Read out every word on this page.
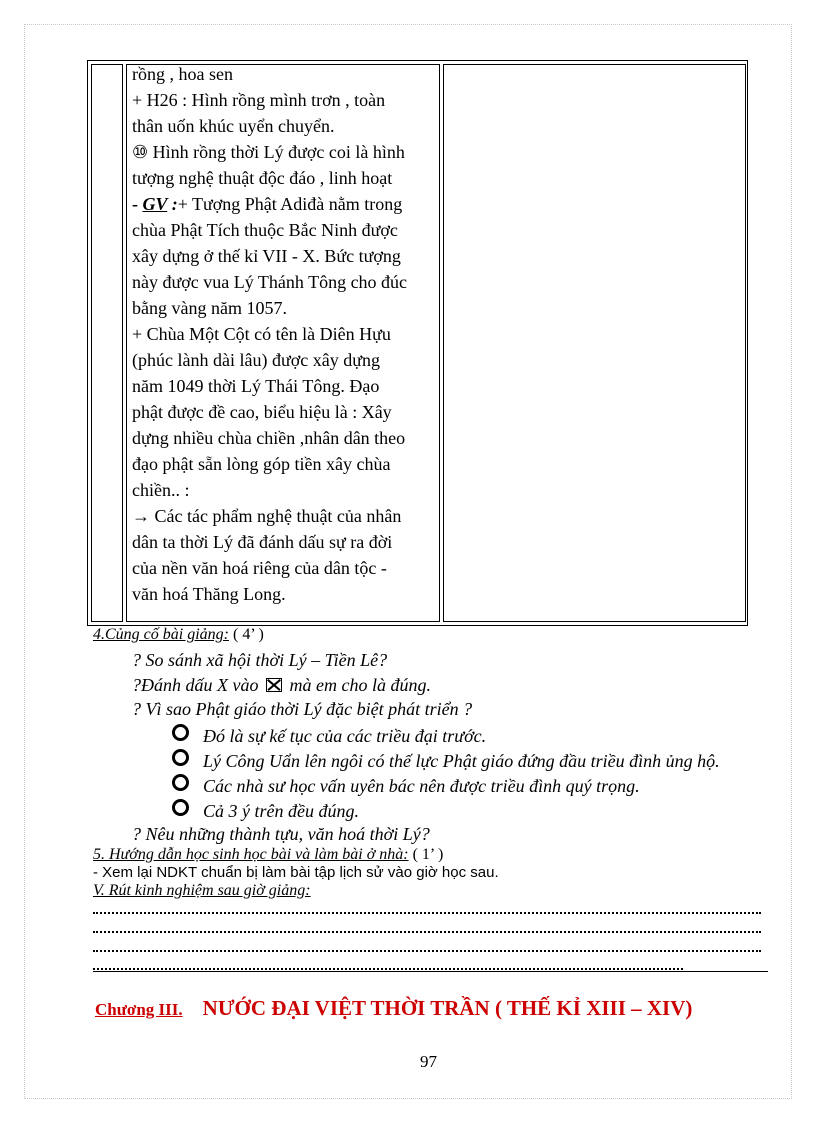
rồng , hoa sen
+ H26 : Hình rồng mình trơn , toàn
thân uốn khúc uyển chuyển.
⑩ Hình rồng thời Lý được coi là hình
tượng nghệ thuật độc đáo , linh hoạt
- GV :+ Tượng Phật Adiđà nằm trong
chùa Phật Tích thuộc Bắc Ninh được
xây dựng ở thế kỉ VII - X. Bức tượng
này được vua Lý Thánh Tông cho đúc
bằng vàng năm 1057.
+ Chùa Một Cột có tên là Diên Hựu
(phúc lành dài lâu) được xây dựng
năm 1049 thời Lý Thái Tông. Đạo
phật được đề cao, biểu hiệu là : Xây
dựng nhiều chùa chiền ,nhân dân theo
đạo phật sẵn lòng góp tiền xây chùa
chiền.. :
→ Các tác phẩm nghệ thuật của nhân
dân ta thời Lý đã đánh dấu sự ra đời
của nền văn hoá riêng của dân tộc -
văn hoá Thăng Long.
4.Củng cố bài giảng: ( 4’ )
? So sánh xã hội thời Lý – Tiền Lê?
?Đánh dấu X vào mà em cho là đúng.
? Vì sao Phật giáo thời Lý đặc biệt phát triển ?
Đó là sự kế tục của các triều đại trước.
Lý Công Uẩn lên ngôi có thế lực Phật giáo đứng đầu triều đình ủng hộ.
Các nhà sư học vấn uyên bác nên được triều đình quý trọng.
Cả 3 ý trên đều đúng.
? Nêu những thành tựu, văn hoá thời Lý?
5. Hướng dẫn học sinh học bài và làm bài ở nhà: ( 1’ )
- Xem lại NDKT chuẩn bị làm bài tập lịch sử vào giờ học sau.
V. Rút kinh nghiệm sau giờ giảng:
Chương III. NƯỚC ĐẠI VIỆT THỜI TRẦN ( THẾ KỈ XIII – XIV)
97
